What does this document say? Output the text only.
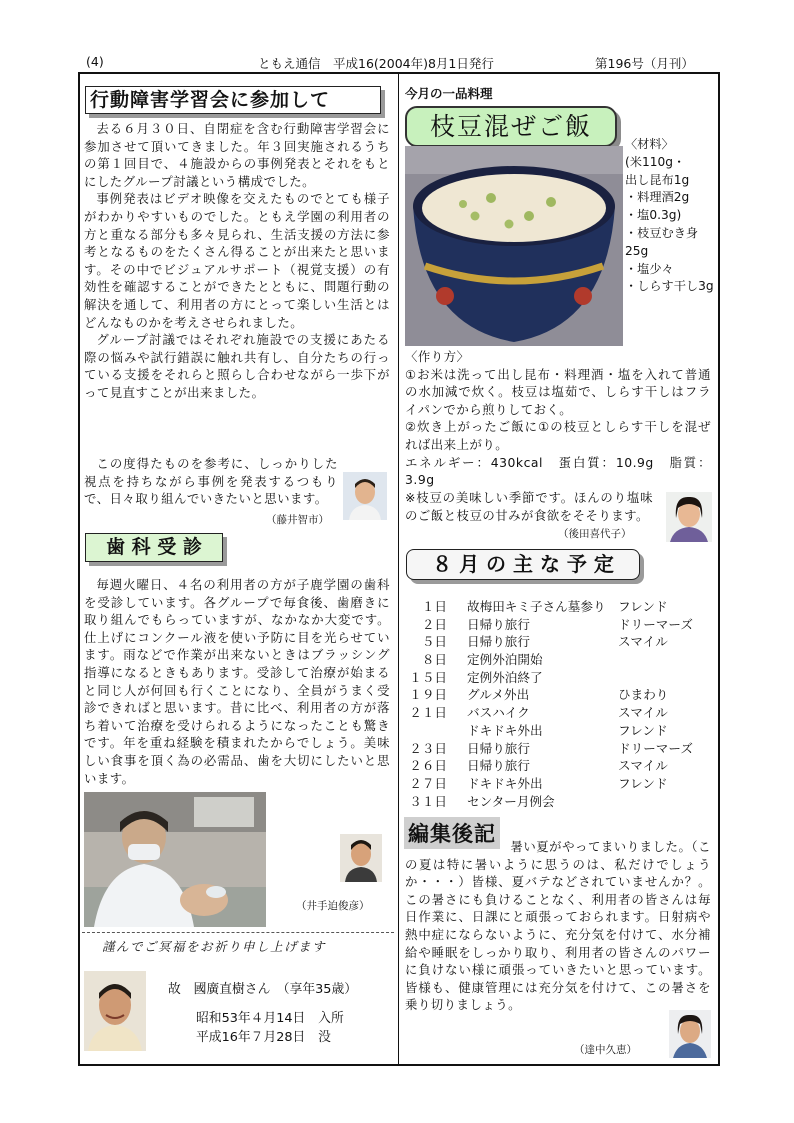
(4)	ともえ通信　平成16(2004年)8月1日発行	第196号（月刊）
行動障害学習会に参加して

去る６月３０日、自閉症を含む行動障害学習会に参加させて頂いてきました。年３回実施されるうちの第１回目で、４施設からの事例発表とそれをもとにしたグループ討議という構成でした。

事例発表はビデオ映像を交えたものでとても様子がわかりやすいものでした。ともえ学園の利用者の方と重なる部分も多々見られ、生活支援の方法に参考となるものをたくさん得ることが出来たと思います。その中でビジュアルサポート（視覚支援）の有効性を確認することができたとともに、問題行動の解決を通して、利用者の方にとって楽しい生活とはどんなものかを考えさせられました。

グループ討議ではそれぞれ施設での支援にあたる際の悩みや試行錯誤に触れ共有し、自分たちの行っている支援をそれらと照らし合わせながら一歩下がって見直すことが出来ました。

この度得たものを参考に、しっかりした視点を持ちながら事例を発表するつもりで、日々取り組んでいきたいと思います。

（藤井智市）
歯 科 受 診

毎週火曜日、４名の利用者の方が子鹿学園の歯科を受診しています。各グループで毎食後、歯磨きに取り組んでもらっていますが、なかなか大変です。仕上げにコンクール液を使い予防に目を光らせています。雨などで作業が出来ないときはブラッシング指導になるときもあります。受診して治療が始まると同じ人が何回も行くことになり、全員がうまく受診できればと思います。昔に比べ、利用者の方が落ち着いて治療を受けられるようになったことも驚きです。年を重ね経験を積まれたからでしょう。美味しい食事を頂く為の必需品、歯を大切にしたいと思います。

（井手迫俊彦）
謹んでご冥福をお祈り申し上げます
故　國廣直樹さん　（享年35歳）
昭和53年４月14日　入所
平成16年７月28日　没
今月の一品料理
枝豆混ぜご飯
〈材料〉
(米110g・
出し昆布1g
・料理酒2g
・塩0.3g)
・枝豆むき身25g
・塩少々
・しらす干し3g

〈作り方〉

①お米は洗って出し昆布・料理酒・塩を入れて普通の水加減で炊く。枝豆は塩茹で、しらす干しはフライパンでから煎りしておく。

②炊き上がったご飯に①の枝豆としらす干しを混ぜれば出来上がり。

エネルギー：430kcal　蛋白質：10.9g　脂質：3.9g

※枝豆の美味しい季節です。ほんのり塩味のご飯と枝豆の甘みが食欲をそそります。

（後田喜代子）
８ 月 の 主 な 予 定
１日 故梅田キミ子さん墓参り フレンド
２日 日帰り旅行	ドリーマーズ
５日 日帰り旅行	スマイル
８日 定例外泊開始
１５日 定例外泊終了
１９日 グルメ外出	ひまわり
２１日 バスハイク	スマイル
ドキドキ外出	フレンド
２３日 日帰り旅行	ドリーマーズ
２６日 日帰り旅行	スマイル
２７日 ドキドキ外出	フレンド
３１日 センター月例会
編集後記

暑い夏がやってまいりました。（この夏は特に暑いように思うのは、私だけでしょうか・・・）皆様、夏バテなどされていませんか？。この暑さにも負けることなく、利用者の皆さんは毎日作業に、日課にと頑張っておられます。日射病や熱中症にならないように、充分気を付けて、水分補給や睡眠をしっかり取り、利用者の皆さんのパワーに負けない様に頑張っていきたいと思っています。皆様も、健康管理には充分気を付けて、この暑さを乗り切りましょう。

（達中久恵）
